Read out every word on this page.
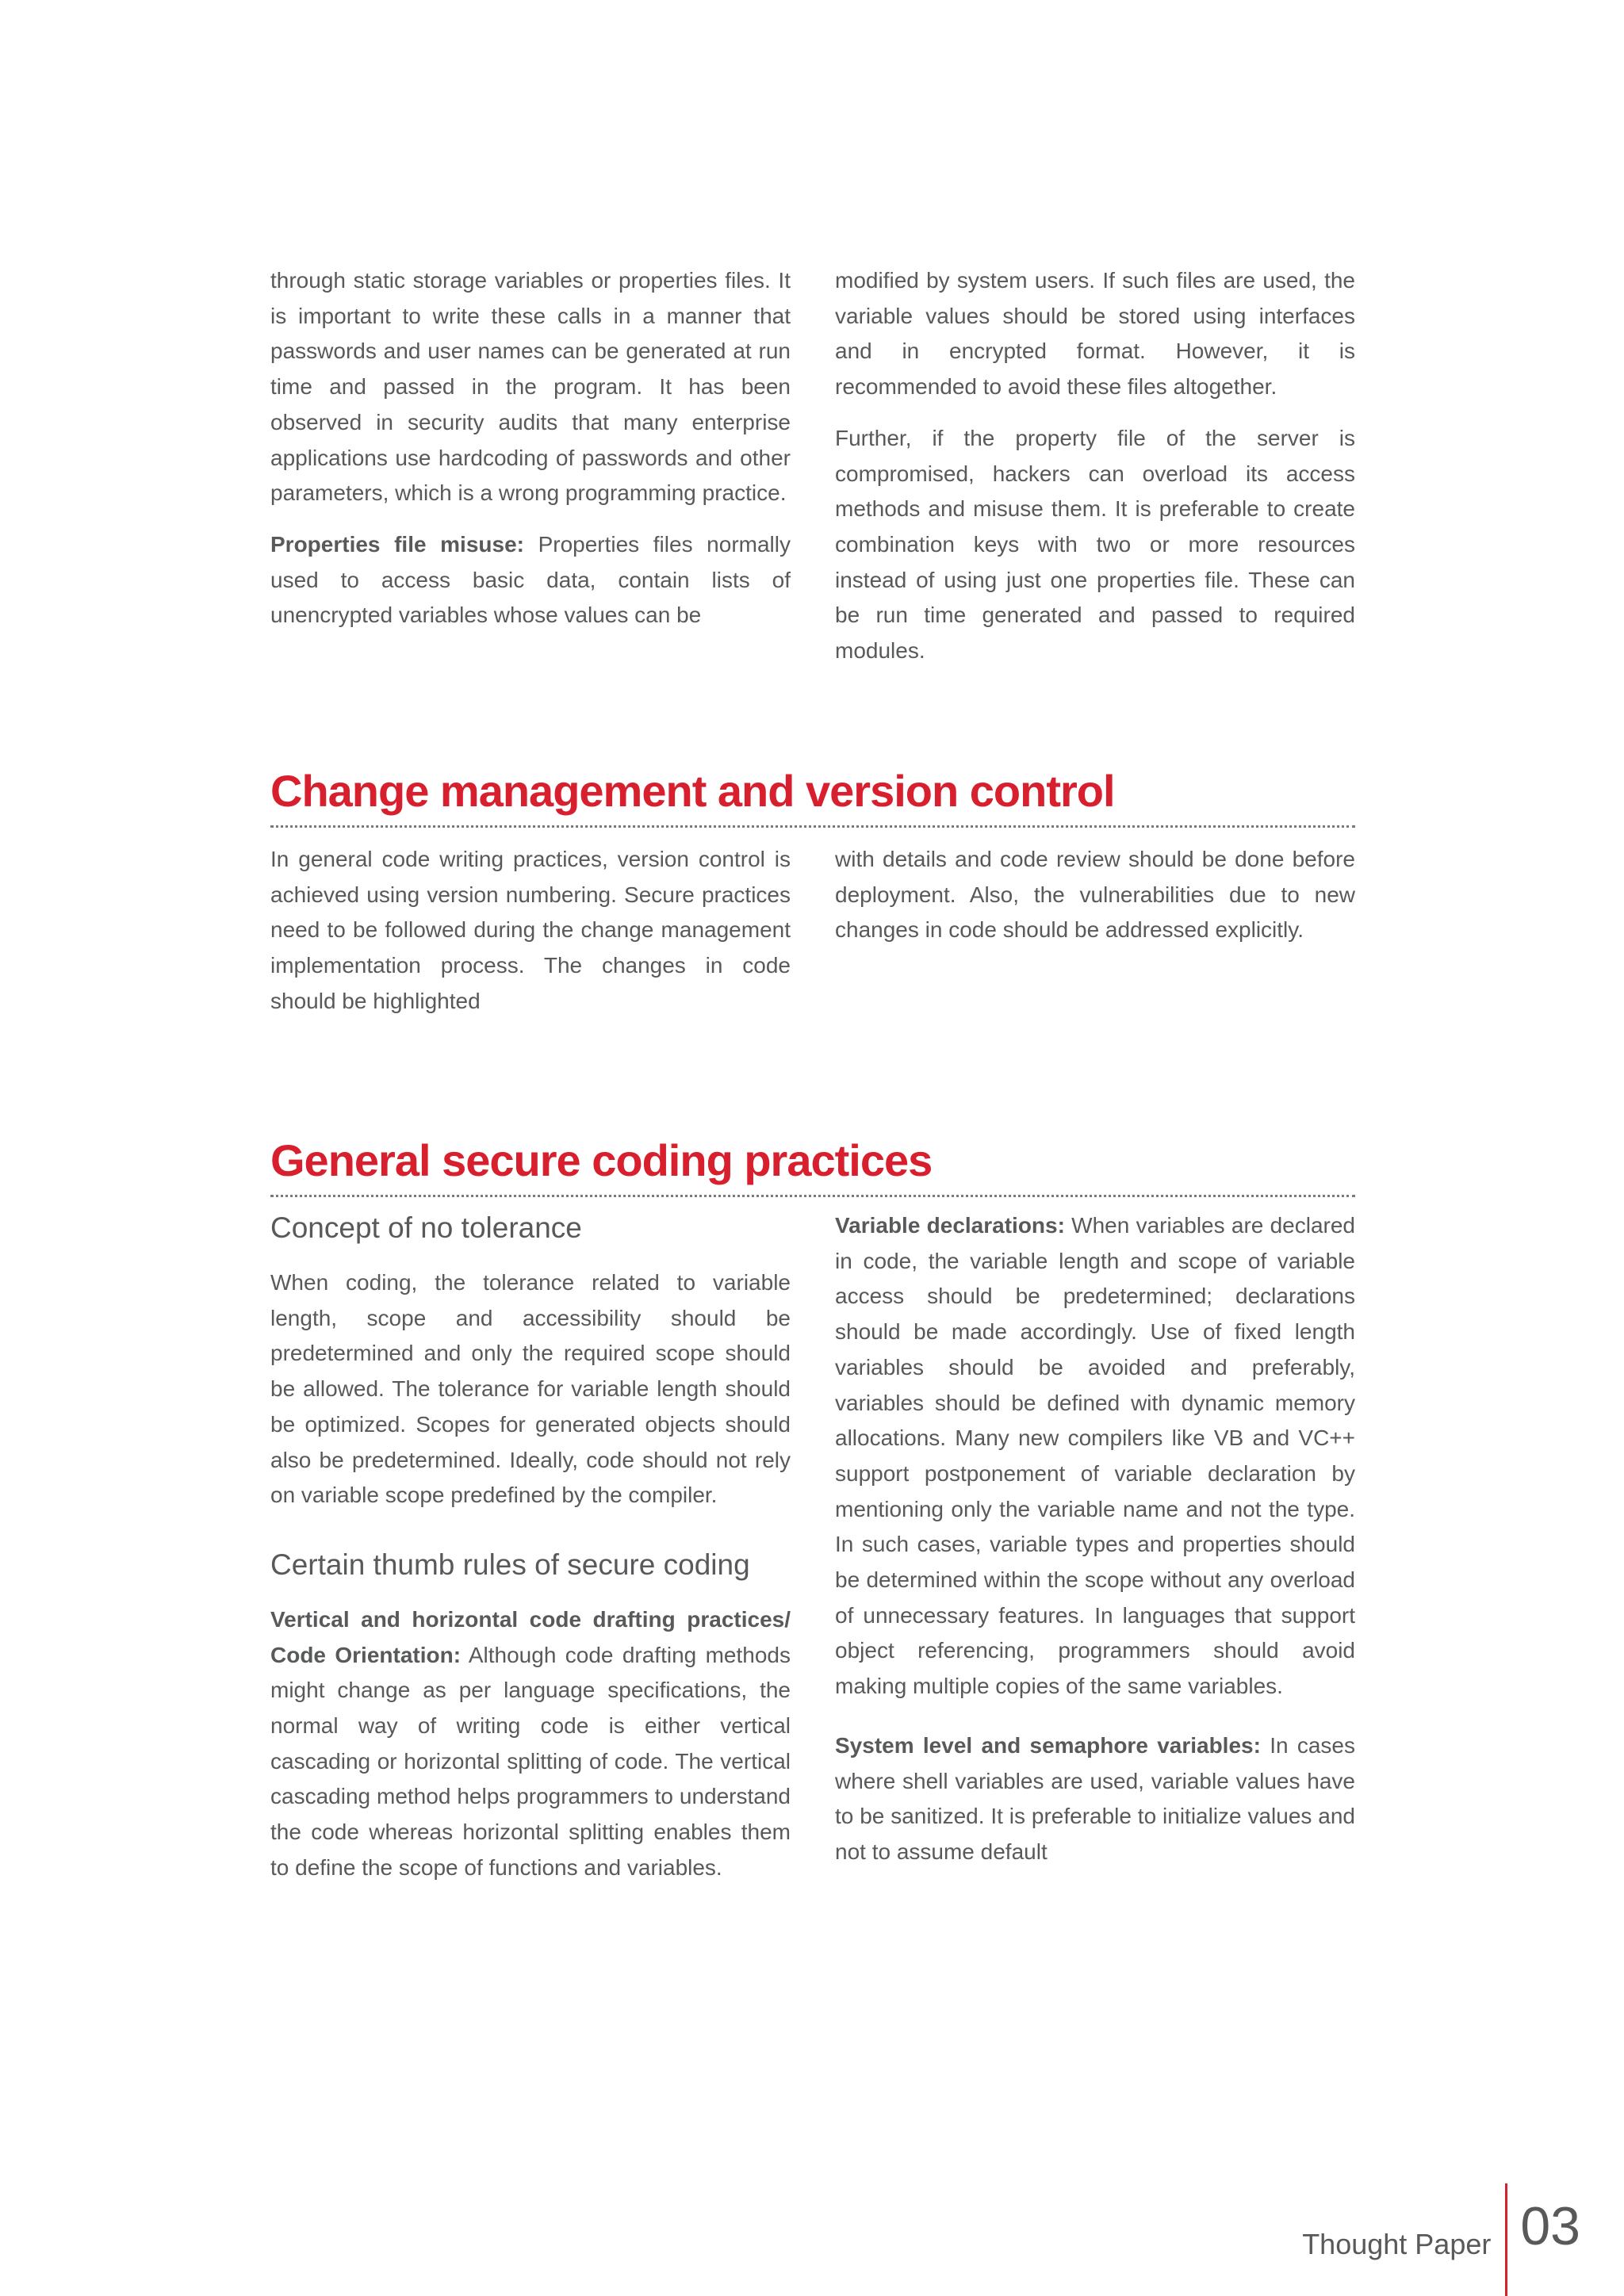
through static storage variables or properties files. It is important to write these calls in a manner that passwords and user names can be generated at run time and passed in the program. It has been observed in security audits that many enterprise applications use hardcoding of passwords and other parameters, which is a wrong programming practice.

Properties file misuse: Properties files normally used to access basic data, contain lists of unencrypted variables whose values can be

modified by system users. If such files are used, the variable values should be stored using interfaces and in encrypted format. However, it is recommended to avoid these files altogether.

Further, if the property file of the server is compromised, hackers can overload its access methods and misuse them. It is preferable to create combination keys with two or more resources instead of using just one properties file. These can be run time generated and passed to required modules.

Change management and version control

In general code writing practices, version control is achieved using version numbering. Secure practices need to be followed during the change management implementation process. The changes in code should be highlighted

with details and code review should be done before deployment. Also, the vulnerabilities due to new changes in code should be addressed explicitly.

General secure coding practices
Concept of no tolerance

When coding, the tolerance related to variable length, scope and accessibility should be predetermined and only the required scope should be allowed. The tolerance for variable length should be optimized. Scopes for generated objects should also be predetermined. Ideally, code should not rely on variable scope predefined by the compiler.

Certain thumb rules of secure coding

Vertical and horizontal code drafting practices/ Code Orientation: Although code drafting methods might change as per language specifications, the normal way of writing code is either vertical cascading or horizontal splitting of code. The vertical cascading method helps programmers to understand the code whereas horizontal splitting enables them to define the scope of functions and variables.

Variable declarations: When variables are declared in code, the variable length and scope of variable access should be predetermined; declarations should be made accordingly. Use of fixed length variables should be avoided and preferably, variables should be defined with dynamic memory allocations. Many new compilers like VB and VC++ support postponement of variable declaration by mentioning only the variable name and not the type. In such cases, variable types and properties should be determined within the scope without any overload of unnecessary features. In languages that support object referencing, programmers should avoid making multiple copies of the same variables.

System level and semaphore variables: In cases where shell variables are used, variable values have to be sanitized. It is preferable to initialize values and not to assume default

Thought Paper 03
